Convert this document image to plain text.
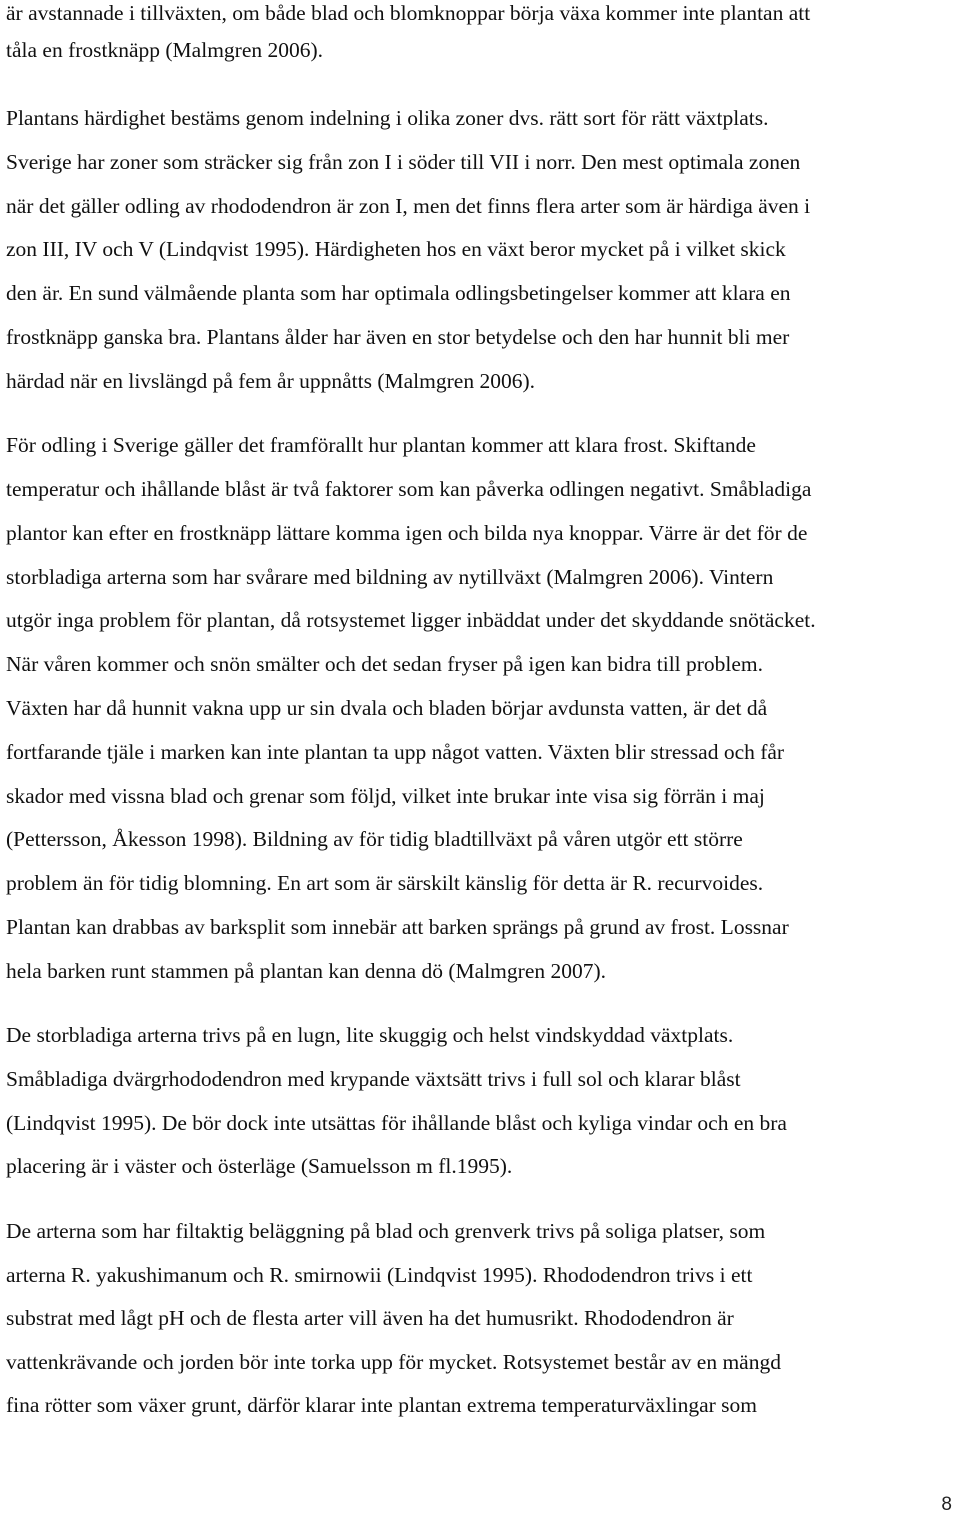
är avstannade i tillväxten, om både blad och blomknoppar börja växa kommer inte plantan att
tåla en frostknäpp (Malmgren 2006).
Plantans härdighet bestäms genom indelning i olika zoner dvs. rätt sort för rätt växtplats.
Sverige har zoner som sträcker sig från zon I i söder till VII i norr. Den mest optimala zonen
när det gäller odling av rhododendron är zon I, men det finns flera arter som är härdiga även i
zon III, IV och V (Lindqvist 1995). Härdigheten hos en växt beror mycket på i vilket skick
den är. En sund välmående planta som har optimala odlingsbetingelser kommer att klara en
frostknäpp ganska bra. Plantans ålder har även en stor betydelse och den har hunnit bli mer
härdad när en livslängd på fem år uppnåtts (Malmgren 2006).
För odling i Sverige gäller det framförallt hur plantan kommer att klara frost. Skiftande
temperatur och ihållande blåst är två faktorer som kan påverka odlingen negativt. Småbladiga
plantor kan efter en frostknäpp lättare komma igen och bilda nya knoppar. Värre är det för de
storbladiga arterna som har svårare med bildning av nytillväxt (Malmgren 2006). Vintern
utgör inga problem för plantan, då rotsystemet ligger inbäddat under det skyddande snötäcket.
När våren kommer och snön smälter och det sedan fryser på igen kan bidra till problem.
Växten har då hunnit vakna upp ur sin dvala och bladen börjar avdunsta vatten, är det då
fortfarande tjäle i marken kan inte plantan ta upp något vatten. Växten blir stressad och får
skador med vissna blad och grenar som följd, vilket inte brukar inte visa sig förrän i maj
(Pettersson, Åkesson 1998). Bildning av för tidig bladtillväxt på våren utgör ett större
problem än för tidig blomning. En art som är särskilt känslig för detta är R. recurvoides.
Plantan kan drabbas av barksplit som innebär att barken sprängs på grund av frost. Lossnar
hela barken runt stammen på plantan kan denna dö (Malmgren 2007).
De storbladiga arterna trivs på en lugn, lite skuggig och helst vindskyddad växtplats.
Småbladiga dvärgrhododendron med krypande växtsätt trivs i full sol och klarar blåst
(Lindqvist 1995). De bör dock inte utsättas för ihållande blåst och kyliga vindar och en bra
placering är i väster och österläge (Samuelsson m fl.1995).
De arterna som har filtaktig beläggning på blad och grenverk trivs på soliga platser, som
arterna R. yakushimanum och R. smirnowii (Lindqvist 1995). Rhododendron trivs i ett
substrat med lågt pH och de flesta arter vill även ha det humusrikt. Rhododendron är
vattenkrävande och jorden bör inte torka upp för mycket. Rotsystemet består av en mängd
fina rötter som växer grunt, därför klarar inte plantan extrema temperaturväxlingar som
8
